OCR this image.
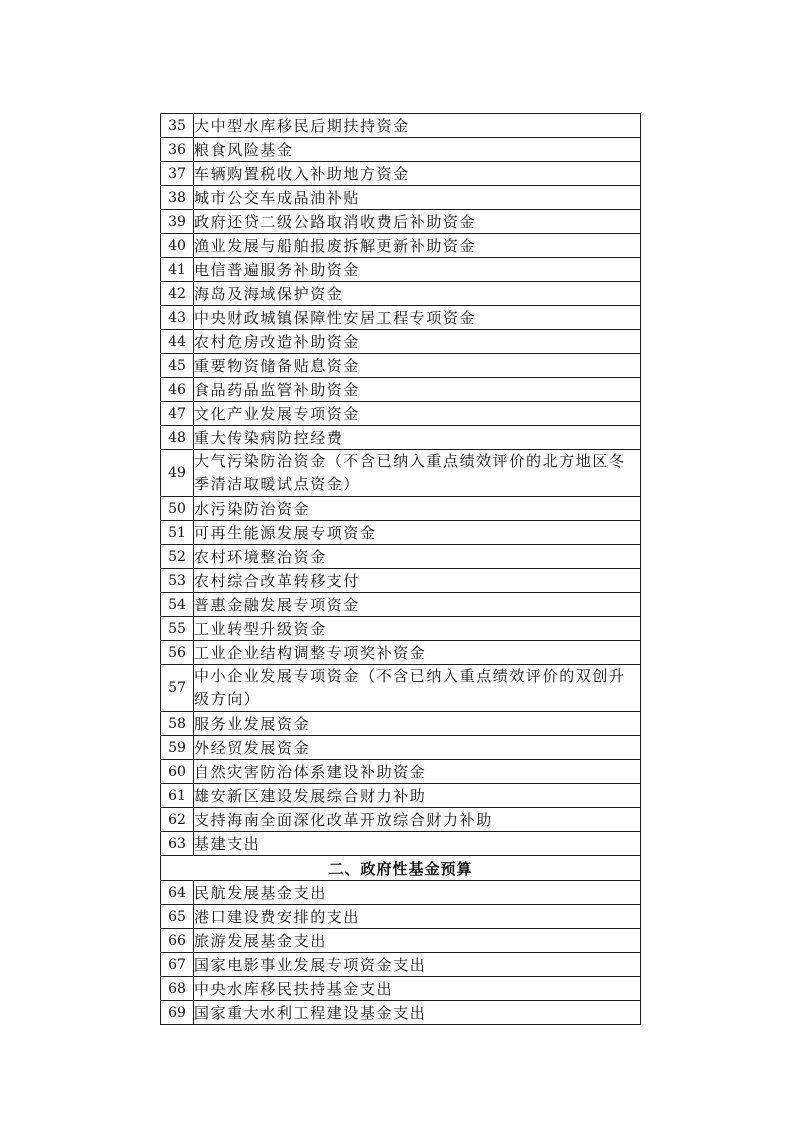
35	大中型水库移民后期扶持资金
36	粮食风险基金
37	车辆购置税收入补助地方资金
38	城市公交车成品油补贴
39	政府还贷二级公路取消收费后补助资金
40	渔业发展与船舶报废拆解更新补助资金
41	电信普遍服务补助资金
42	海岛及海域保护资金
43	中央财政城镇保障性安居工程专项资金
44	农村危房改造补助资金
45	重要物资储备贴息资金
46	食品药品监管补助资金
47	文化产业发展专项资金
48	重大传染病防控经费
49	大气污染防治资金（不含已纳入重点绩效评价的北方地区冬季清洁取暖试点资金）
50	水污染防治资金
51	可再生能源发展专项资金
52	农村环境整治资金
53	农村综合改革转移支付
54	普惠金融发展专项资金
55	工业转型升级资金
56	工业企业结构调整专项奖补资金
57	中小企业发展专项资金（不含已纳入重点绩效评价的双创升级方向）
58	服务业发展资金
59	外经贸发展资金
60	自然灾害防治体系建设补助资金
61	雄安新区建设发展综合财力补助
62	支持海南全面深化改革开放综合财力补助
63	基建支出
二、政府性基金预算	
64	民航发展基金支出
65	港口建设费安排的支出
66	旅游发展基金支出
67	国家电影事业发展专项资金支出
68	中央水库移民扶持基金支出
69	国家重大水利工程建设基金支出
